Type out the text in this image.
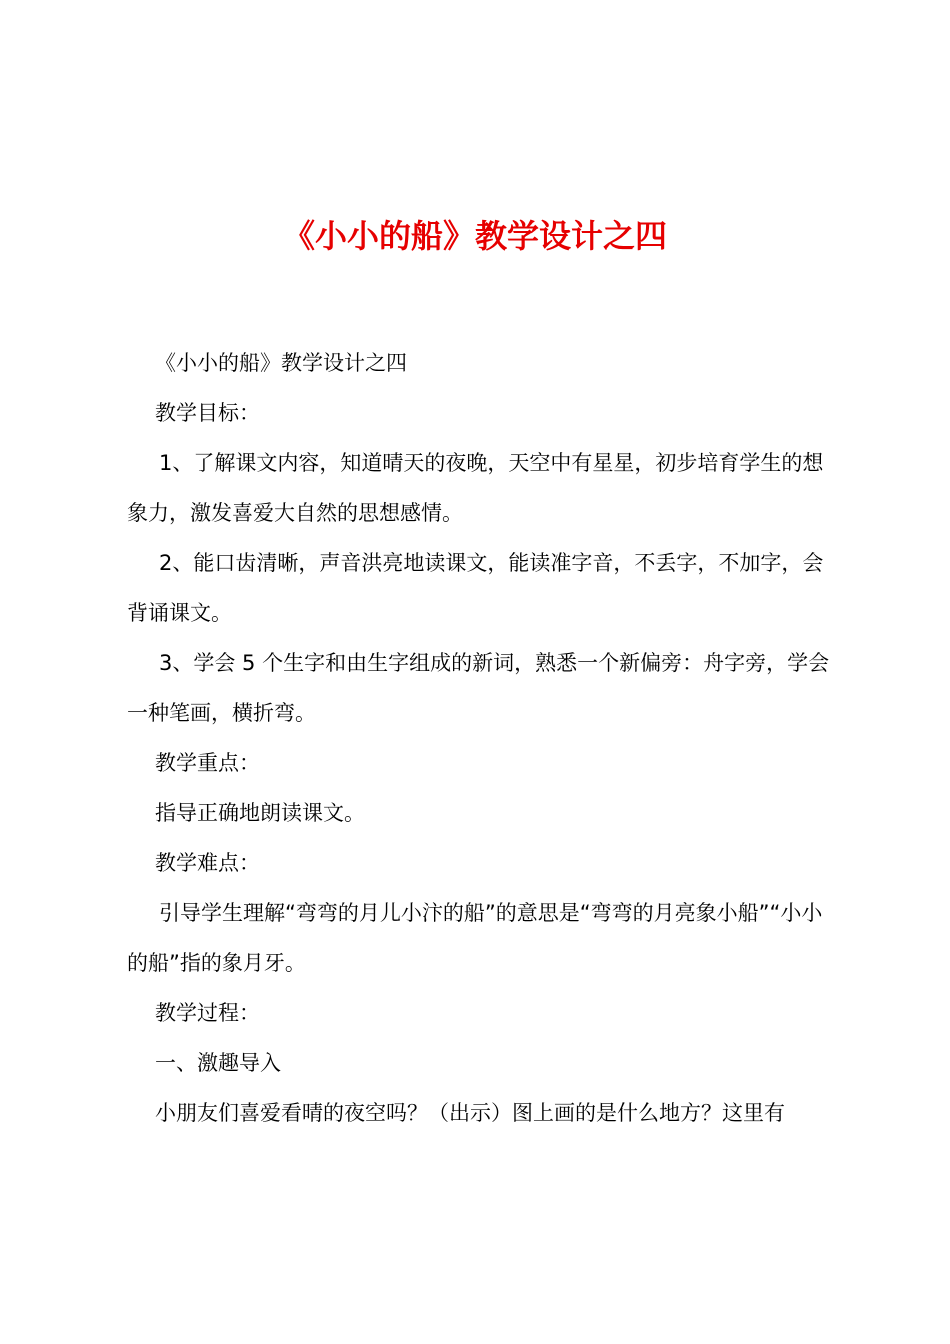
《小小的船》教学设计之四

《小小的船》教学设计之四

教学目标：

1、了解课文内容，知道晴天的夜晚，天空中有星星，初步培育学生的想象力，激发喜爱大自然的思想感情。

2、能口齿清晰，声音洪亮地读课文，能读准字音，不丢字，不加字，会背诵课文。

3、学会 5 个生字和由生字组成的新词，熟悉一个新偏旁：舟字旁，学会一种笔画，横折弯。

教学重点：

指导正确地朗读课文。

教学难点：

引导学生理解“弯弯的月儿小汴的船”的意思是“弯弯的月亮象小船”“小小的船”指的象月牙。

教学过程：

一、激趣导入

小朋友们喜爱看晴的夜空吗？（出示）图上画的是什么地方？这里有
